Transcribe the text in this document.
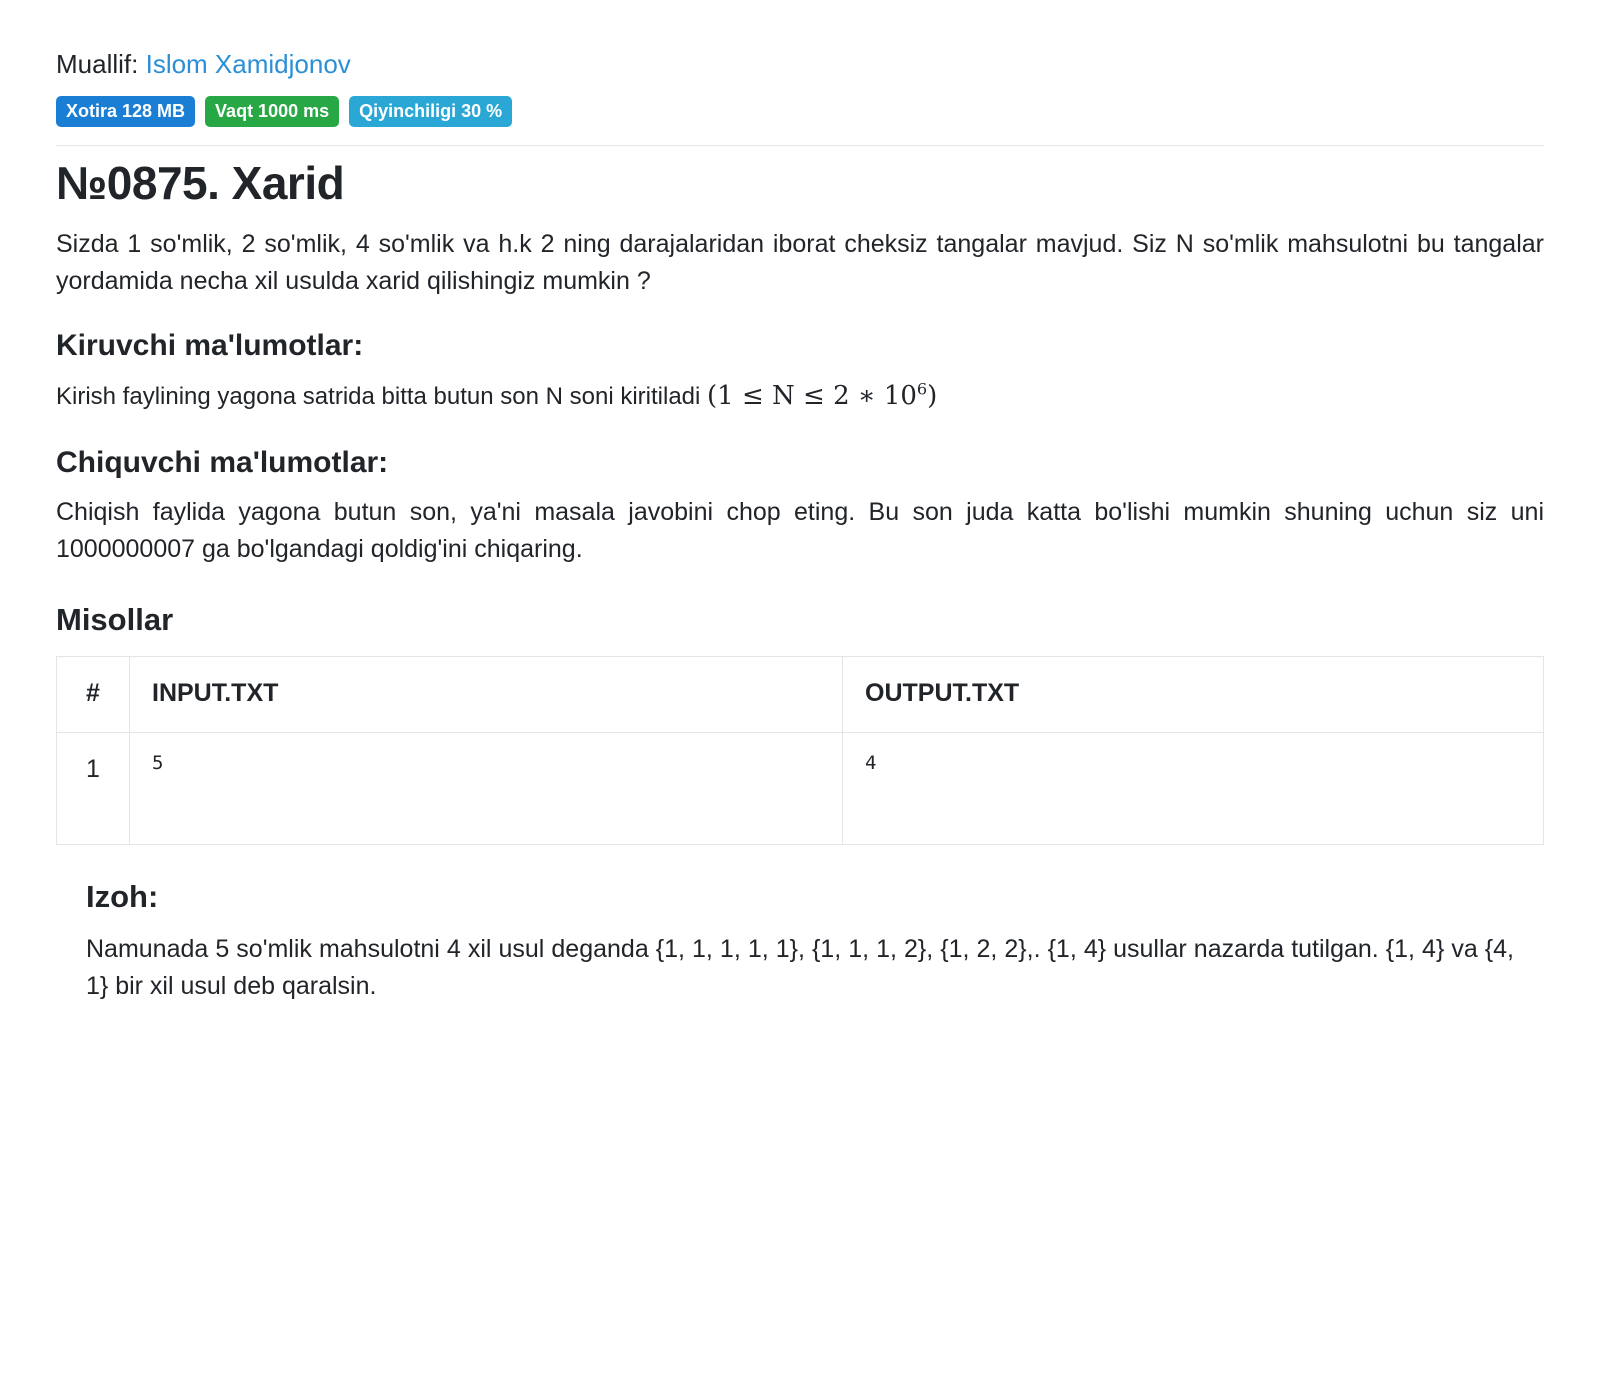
Muallif: Islom Xamidjonov
Xotira 128 MB	Vaqt 1000 ms	Qiyinchiligi 30 %
№0875. Xarid

Sizda 1 so'mlik, 2 so'mlik, 4 so'mlik va h.k 2 ning darajalaridan iborat cheksiz tangalar mavjud. Siz N so'mlik mahsulotni bu tangalar yordamida necha xil usulda xarid qilishingiz mumkin ?

Kiruvchi ma'lumotlar:

Kirish faylining yagona satrida bitta butun son N soni kiritiladi (1 ≤ N ≤ 2 ∗ $10^6$)

Chiquvchi ma'lumotlar:

Chiqish faylida yagona butun son, ya'ni masala javobini chop eting. Bu son juda katta bo'lishi mumkin shuning uchun siz uni 1000000007 ga bo'lgandagi qoldig'ini chiqaring.

Misollar
#	INPUT.TXT	OUTPUT.TXT
1	5	4
Izoh:

Namunada 5 so'mlik mahsulotni 4 xil usul deganda {1, 1, 1, 1, 1}, {1, 1, 1, 2}, {1, 2, 2},. {1, 4} usullar nazarda tutilgan. {1, 4} va {4, 1} bir xil usul deb qaralsin.
